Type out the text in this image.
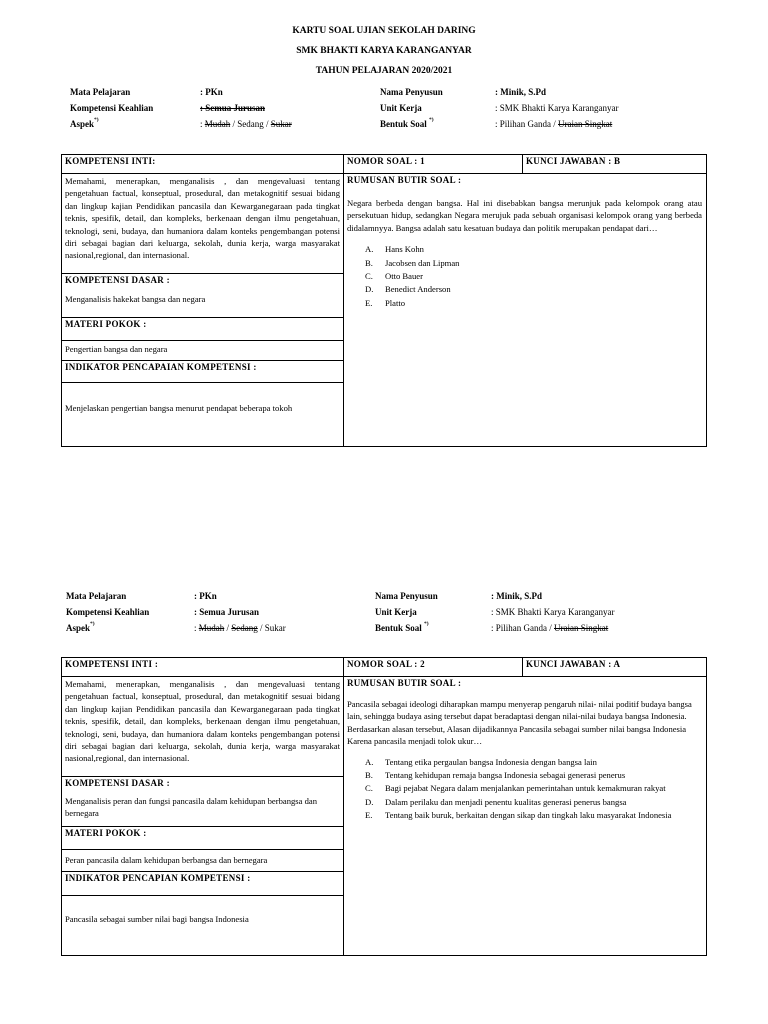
KARTU SOAL UJIAN SEKOLAH DARING
SMK BHAKTI KARYA KARANGANYAR
TAHUN PELAJARAN 2020/2021
Mata Pelajaran	: PKn
Kompetensi Keahlian	: Semua Jurusan
Aspek*)	: Mudah / Sedang / Sukar
Nama Penyusun	: Minik, S.Pd
Unit Kerja	: SMK Bhakti Karya Karanganyar
Bentuk Soal *)	: Pilihan Ganda / Uraian Singkat
KOMPETENSI INTI:
Memahami, menerapkan, menganalisis , dan mengevaluasi tentang pengetahuan factual, konseptual, prosedural, dan metakognitif sesuai bidang dan lingkup kajian Pendidikan pancasila dan Kewarganegaraan pada tingkat teknis, spesifik, detail, dan kompleks, berkenaan dengan ilmu pengetahuan, teknologi, seni, budaya, dan humaniora dalam konteks pengembangan potensi diri sebagai bagian dari keluarga, sekolah, dunia kerja, warga masyarakat nasional,regional, dan internasional.
KOMPETENSI DASAR :
Menganalisis hakekat bangsa dan negara
MATERI POKOK :
Pengertian bangsa dan negara
INDIKATOR PENCAPAIAN KOMPETENSI :
Menjelaskan pengertian bangsa menurut pendapat beberapa tokoh
NOMOR SOAL : 1	KUNCI JAWABAN : B
RUMUSAN BUTIR SOAL :
Negara berbeda dengan bangsa. Hal ini disebabkan bangsa merunjuk pada kelompok orang atau persekutuan hidup, sedangkan Negara merujuk pada sebuah organisasi kelompok orang yang berbeda didalamnyya. Bangsa adalah satu kesatuan budaya dan politik merupakan pendapat dari…
A. Hans Kohn
B. Jacobsen dan Lipman
C. Otto Bauer
D. Benedict Anderson
E. Platto
Mata Pelajaran	: PKn
Kompetensi Keahlian	: Semua Jurusan
Aspek*)	: Mudah / Sedang / Sukar
Nama Penyusun	: Minik, S.Pd
Unit Kerja	: SMK Bhakti Karya Karanganyar
Bentuk Soal *)	: Pilihan Ganda / Uraian Singkat
KOMPETENSI INTI :
Memahami, menerapkan, menganalisis , dan mengevaluasi tentang pengetahuan factual, konseptual, prosedural, dan metakognitif sesuai bidang dan lingkup kajian Pendidikan pancasila dan Kewarganegaraan pada tingkat teknis, spesifik, detail, dan kompleks, berkenaan dengan ilmu pengetahuan, teknologi, seni, budaya, dan humaniora dalam konteks pengembangan potensi diri sebagai bagian dari keluarga, sekolah, dunia kerja, warga masyarakat nasional,regional, dan internasional.
KOMPETENSI DASAR :
Menganalisis peran dan fungsi pancasila dalam kehidupan berbangsa dan bernegara
MATERI POKOK :
Peran pancasila dalam kehidupan berbangsa dan bernegara
INDIKATOR PENCAPIAN KOMPETENSI :
Pancasila sebagai sumber nilai bagi bangsa Indonesia
NOMOR SOAL : 2	KUNCI JAWABAN : A
RUMUSAN BUTIR SOAL :
Pancasila sebagai ideologi diharapkan mampu menyerap pengaruh nilai- nilai poditif budaya bangsa lain, sehingga budaya asing tersebut dapat beradaptasi dengan nilai-nilai budaya bangsa Indonesia. Berdasarkan alasan tersebut, Alasan dijadikannya Pancasila sebagai sumber nilai bangsa Indonesia Karena pancasila menjadi tolok ukur…
A. Tentang etika pergaulan bangsa Indonesia dengan bangsa lain
B. Tentang kehidupan remaja bangsa Indonesia sebagai generasi penerus
C. Bagi pejabat Negara dalam menjalankan pemerintahan untuk kemakmuran rakyat
D. Dalam perilaku dan menjadi penentu kualitas generasi penerus bangsa
E. Tentang baik buruk, berkaitan dengan sikap dan tingkah laku masyarakat Indonesia
